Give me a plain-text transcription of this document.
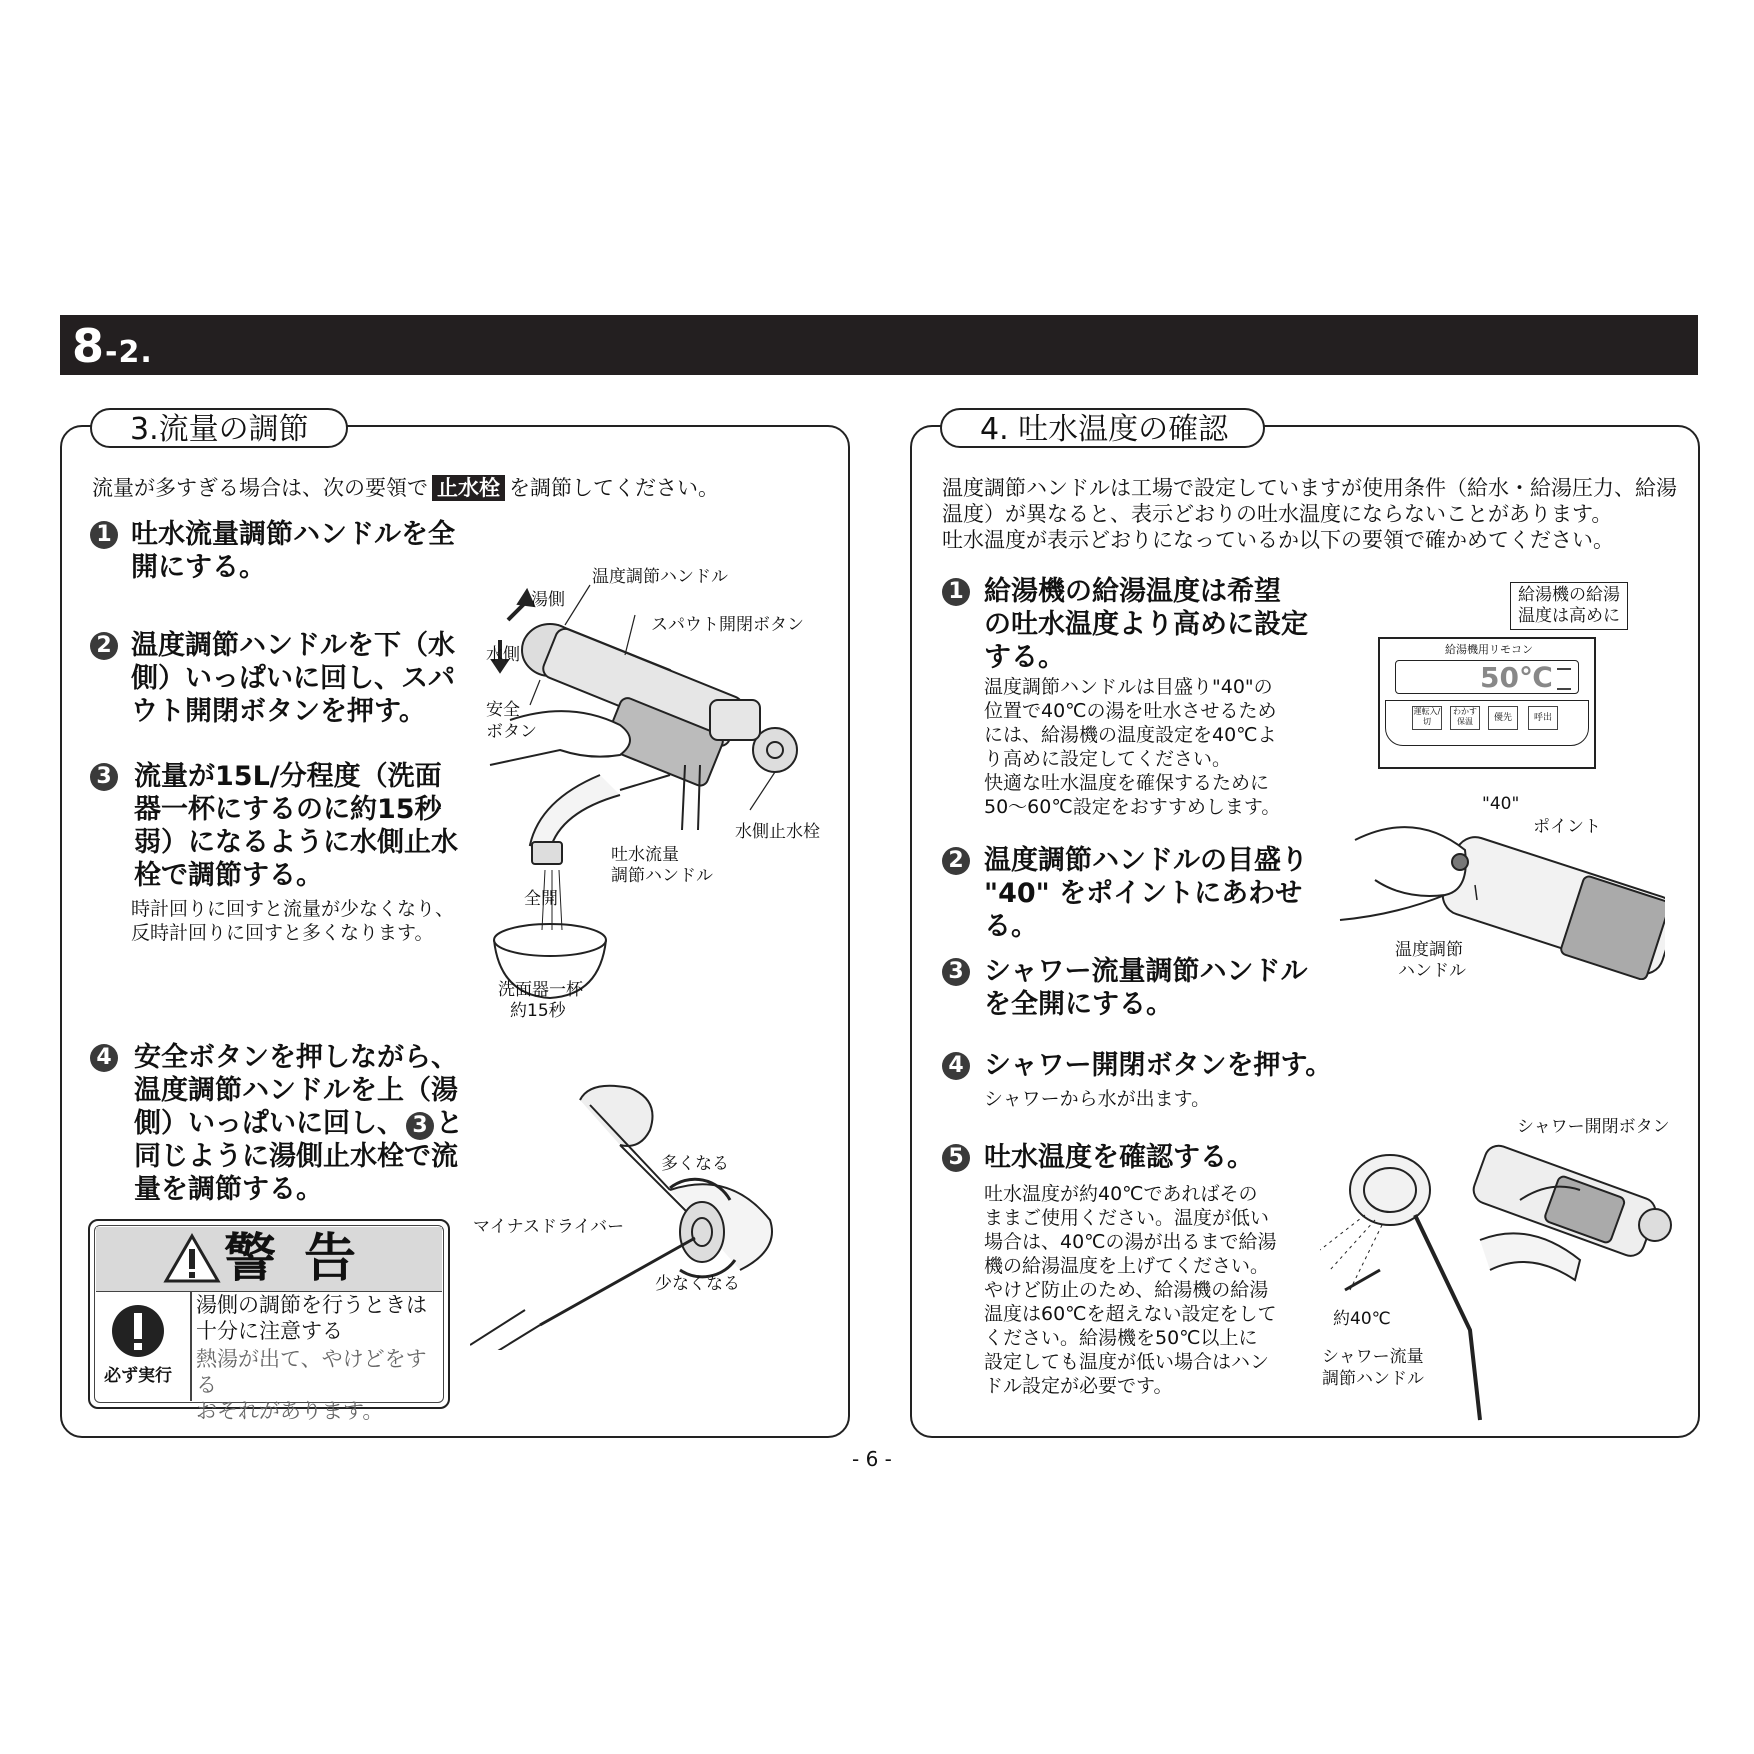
8-2.
3.流量の調節
流量が多すぎる場合は、次の要領で 止水栓 を調節してください。
1 吐水流量調節ハンドルを全
開にする。
2 温度調節ハンドルを下（水
側）いっぱいに回し、スパ
ウト開閉ボタンを押す。
3 流量が15L/分程度（洗面
器一杯にするのに約15秒
弱）になるように水側止水
栓で調節する。
時計回りに回すと流量が少なくなり、
反時計回りに回すと多くなります。
4 安全ボタンを押しながら、
温度調節ハンドルを上（湯
側）いっぱいに回し、 3 と
同じように湯側止水栓で流
量を調節する。
温度調節ハンドル
湯側
スパウト開閉ボタン
水側
安全
ボタン
水側止水栓
吐水流量
調節ハンドル
全開
洗面器一杯
約15秒
多くなる
マイナスドライバー
少なくなる
警告
必ず実行
湯側の調節を行うときは
十分に注意する
熱湯が出て、やけどをする
おそれがあります。
4. 吐水温度の確認
温度調節ハンドルは工場で設定していますが使用条件（給水・給湯圧力、給湯
温度）が異なると、表示どおりの吐水温度にならないことがあります。
吐水温度が表示どおりになっているか以下の要領で確かめてください。
1 給湯機の給湯温度は希望
の吐水温度より高めに設定
する。
温度調節ハンドルは目盛り"40"の
位置で40℃の湯を吐水させるため
には、給湯機の温度設定を40℃よ
り高めに設定してください。
快適な吐水温度を確保するために
50～60℃設定をおすすめします。
2 温度調節ハンドルの目盛り
"40" をポイントにあわせ
る。
3 シャワー流量調節ハンドル
を全開にする。
4 シャワー開閉ボタンを押す。
シャワーから水が出ます。
5 吐水温度を確認する。
吐水温度が約40℃であればその
ままご使用ください。温度が低い
場合は、40℃の湯が出るまで給湯
機の給湯温度を上げてください。
やけど防止のため、給湯機の給湯
温度は60℃を超えない設定をして
ください。給湯機を50℃以上に
設定しても温度が低い場合はハン
ドル設定が必要です。
給湯機の給湯
温度は高めに
給湯機用リモコン
50℃
運転入/切
わかす保温	優先	呼出
"40"
ポイント
温度調節
ハンドル
シャワー開閉ボタン
約40℃
シャワー流量
調節ハンドル
- 6 -
